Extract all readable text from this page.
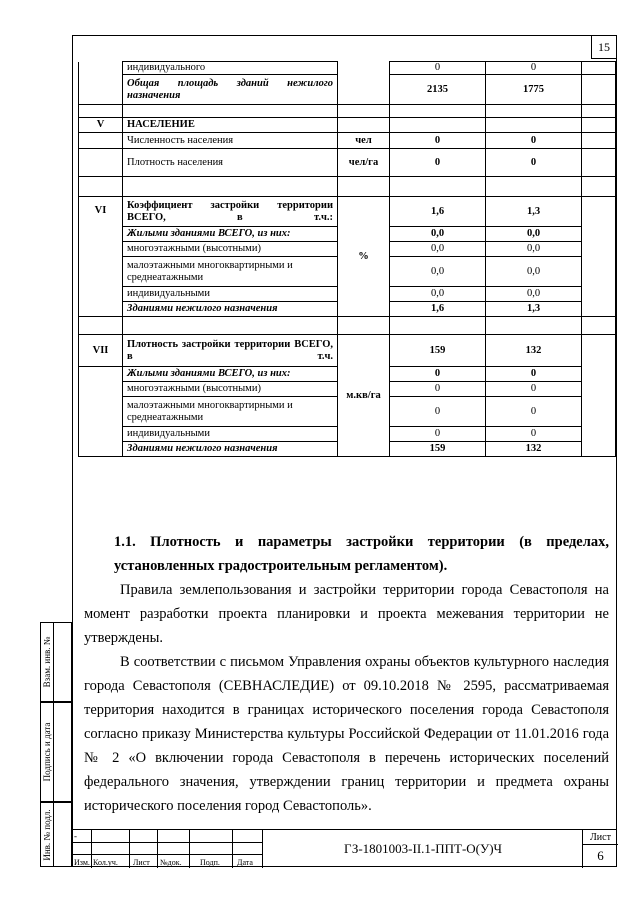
15
	индивидуального		0	0	
	Общая площадь зданий нежилого назначения		2135	1775	

V	НАСЕЛЕНИЕ				
	Численность населения	чел	0	0	
	Плотность населения	чел/га	0	0	

VI	Коэффициент застройки территории ВСЕГО, в т.ч.:	%	1,6	1,3	
	Жилыми зданиями ВСЕГО, из них:		0,0	0,0	
	многоэтажными (высотными)		0,0	0,0	
	малоэтажными многоквартирными и среднеатажными		0,0	0,0	
	индивидуальными		0,0	0,0	
	Зданиями нежилого назначения		1,6	1,3	

VII	Плотность застройки территории ВСЕГО, в т.ч.	м.кв/га	159	132	
	Жилыми зданиями ВСЕГО, из них:		0	0	
	многоэтажными (высотными)		0	0	
	малоэтажными многоквартирными и среднеатажными		0	0	
	индивидуальными		0	0	
	Зданиями нежилого назначения		159	132	
1.1. Плотность и параметры застройки территории (в пределах, установленных градостроительным регламентом).
Правила землепользования и застройки территории города Севастополя на момент разработки проекта планировки и проекта межевания территории не утверждены.
В соответствии с письмом Управления охраны объектов культурного наследия города Севастополя (СЕВНАСЛЕДИЕ) от 09.10.2018 № 2595, рассматриваемая территория находится в границах исторического поселения города Севастополя согласно приказу Министерства культуры Российской Федерации от 11.01.2016 года № 2 «О включении города Севастополя в перечень исторических поселений федерального значения, утверждении границ территории и предмета охраны исторического поселения город Севастополь».
Взам. инв. №
Подпись и дата
Инв. № подл. -
Изм. Кол.уч. Лист №док. Подп. Дата
ГЗ-1801003-II.1-ППТ-О(У)Ч
Лист
6
